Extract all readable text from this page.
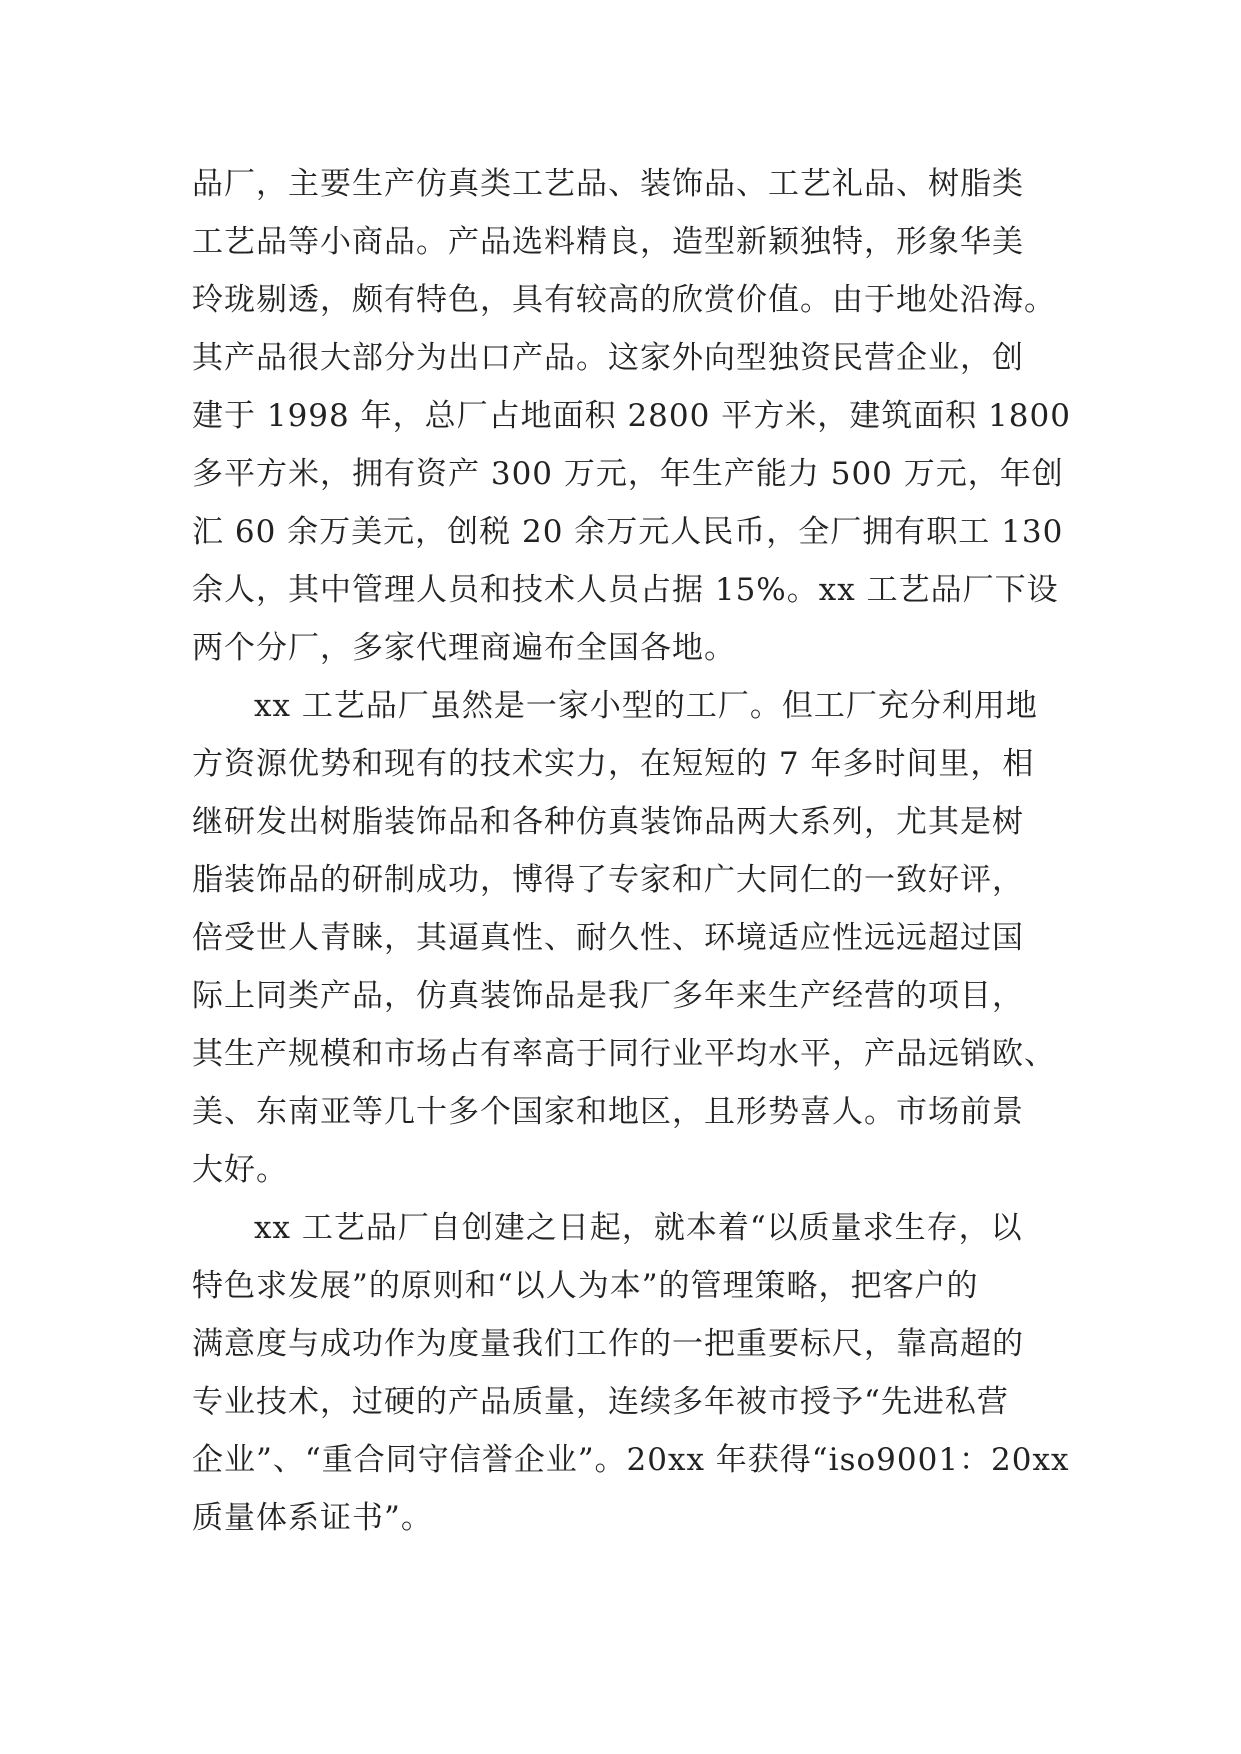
品厂，主要生产仿真类工艺品、装饰品、工艺礼品、树脂类
工艺品等小商品。产品选料精良，造型新颖独特，形象华美
玲珑剔透，颇有特色，具有较高的欣赏价值。由于地处沿海。
其产品很大部分为出口产品。这家外向型独资民营企业，创
建于 1998 年，总厂占地面积 2800 平方米，建筑面积 1800
多平方米，拥有资产 300 万元，年生产能力 500 万元，年创
汇 60 余万美元，创税 20 余万元人民币，全厂拥有职工 130
余人，其中管理人员和技术人员占据 15%。xx 工艺品厂下设
两个分厂，多家代理商遍布全国各地。
xx 工艺品厂虽然是一家小型的工厂。但工厂充分利用地
方资源优势和现有的技术实力，在短短的 7 年多时间里，相
继研发出树脂装饰品和各种仿真装饰品两大系列，尤其是树
脂装饰品的研制成功，博得了专家和广大同仁的一致好评，
倍受世人青睐，其逼真性、耐久性、环境适应性远远超过国
际上同类产品，仿真装饰品是我厂多年来生产经营的项目，
其生产规模和市场占有率高于同行业平均水平，产品远销欧、
美、东南亚等几十多个国家和地区，且形势喜人。市场前景
大好。
xx 工艺品厂自创建之日起，就本着“以质量求生存，以
特色求发展”的原则和“以人为本”的管理策略，把客户的
满意度与成功作为度量我们工作的一把重要标尺，靠高超的
专业技术，过硬的产品质量，连续多年被市授予“先进私营
企业”、“重合同守信誉企业”。20xx 年获得“iso9001：20xx
质量体系证书”。
